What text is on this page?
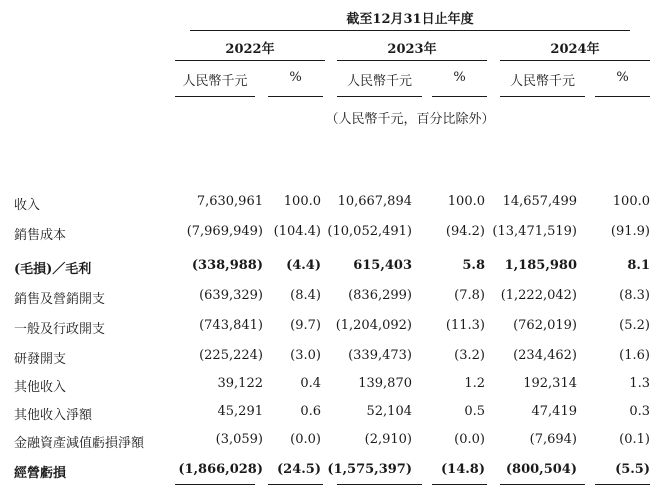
截至12月31日止年度
2022年	2023年	2024年
人民幣千元	%	人民幣千元	%	人民幣千元	%
（人民幣千元，百分比除外）
收入	7,630,961 100.0 10,667,894	100.0 14,657,499	100.0
銷售成本	(7,969,949) (104.4) (10,052,491)	(94.2) (13,471,519)	(91.9)
(毛損)／毛利	(338,988) (4.4) 615,403	5.8 1,185,980	8.1
銷售及營銷開支	(639,329) (8.4) (836,299)	(7.8) (1,222,042)	(8.3)
一般及行政開支	(743,841) (9.7) (1,204,092)	(11.3) (762,019)	(5.2)
研發開支	(225,224) (3.0) (339,473)	(3.2) (234,462)	(1.6)
其他收入	39,122	0.4	139,870	1.2	192,314	1.3
其他收入淨額	45,291	0.6	52,104	0.5	47,419	0.3
金融資產減值虧損淨額	(3,059) (0.0)	(2,910)	(0.0)	(7,694)	(0.1)
經營虧損	(1,866,028) (24.5) (1,575,397) (14.8) (800,504)	(5.5)
